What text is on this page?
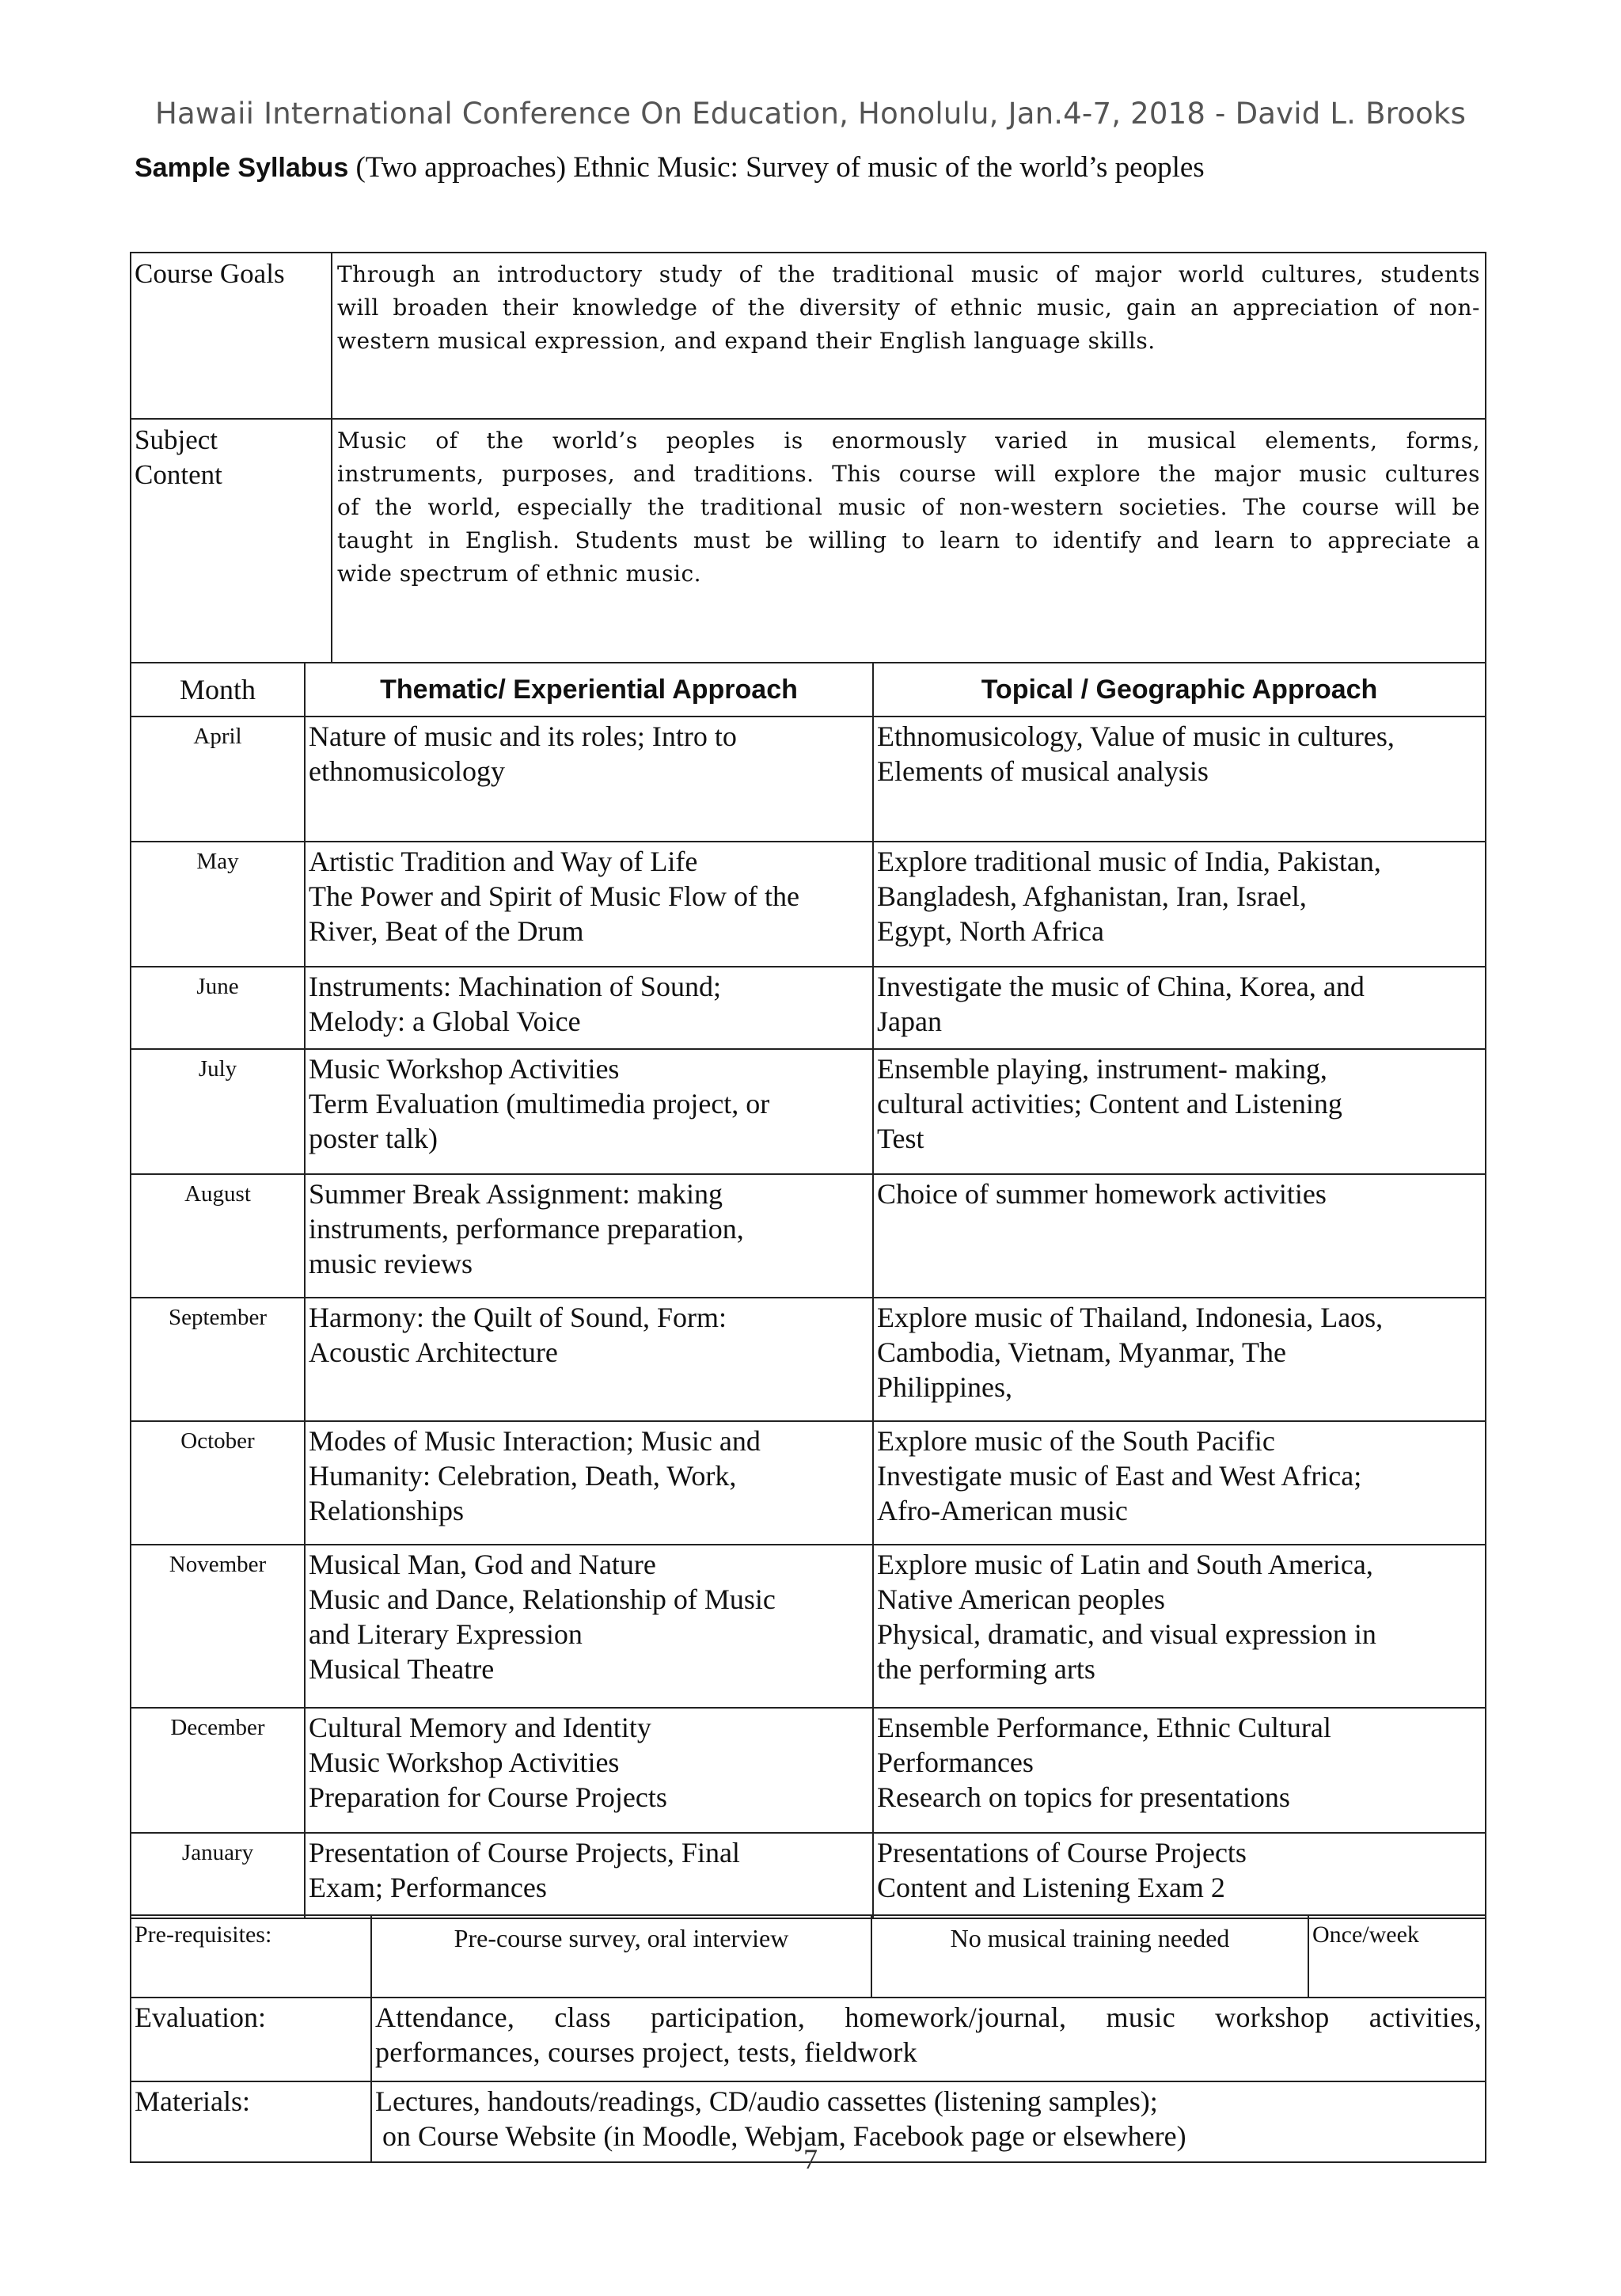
Hawaii International Conference On Education, Honolulu, Jan.4-7, 2018 - David L. Brooks
Sample Syllabus (Two approaches) Ethnic Music: Survey of music of the world’s peoples
Course Goals	Through an introductory study of the traditional music of major world cultures, students
will broaden their knowledge of the diversity of ethnic music, gain an appreciation of non-
western musical expression, and expand their English language skills.

Subject
Content	Music of the world’s peoples is enormously varied in musical elements, forms,
instruments, purposes, and traditions. This course will explore the major music cultures
of the world, especially the traditional music of non-western societies. The course will be
taught in English. Students must be willing to learn to identify and learn to appreciate a
wide spectrum of ethnic music.
Month	Thematic/ Experiential Approach	Topical / Geographic Approach
April	Nature of music and its roles; Intro to
ethnomusicology	Ethnomusicology, Value of music in cultures,
Elements of musical analysis

May	Artistic Tradition and Way of Life
The Power and Spirit of Music Flow of the
River, Beat of the Drum	Explore traditional music of India, Pakistan,
Bangladesh, Afghanistan, Iran, Israel,
Egypt, North Africa

June	Instruments: Machination of Sound;
Melody: a Global Voice	Investigate the music of China, Korea, and
Japan

July	Music Workshop Activities
Term Evaluation (multimedia project, or
poster talk)	Ensemble playing, instrument- making,
cultural activities; Content and Listening
Test

August	Summer Break Assignment: making
instruments, performance preparation,
music reviews	Choice of summer homework activities

September	Harmony: the Quilt of Sound, Form:
Acoustic Architecture	Explore music of Thailand, Indonesia, Laos,
Cambodia, Vietnam, Myanmar, The
Philippines,

October	Modes of Music Interaction; Music and
Humanity: Celebration, Death, Work,
Relationships	Explore music of the South Pacific
Investigate music of East and West Africa;
Afro-American music

November	Musical Man, God and Nature
Music and Dance, Relationship of Music
and Literary Expression
Musical Theatre	Explore music of Latin and South America,
Native American peoples
Physical, dramatic, and visual expression in
the performing arts

December	Cultural Memory and Identity
Music Workshop Activities
Preparation for Course Projects	Ensemble Performance, Ethnic Cultural
Performances
Research on topics for presentations

January	Presentation of Course Projects, Final
Exam; Performances	Presentations of Course Projects
Content and Listening Exam 2
Pre-requisites:	Pre-course survey, oral interview	No musical training needed	Once/week
Evaluation:	Attendance, class participation, homework/journal, music workshop activities,
performances, courses project, tests, fieldwork		

Materials:	Lectures, handouts/readings, CD/audio cassettes (listening samples);
on Course Website (in Moodle, Webjam, Facebook page or elsewhere)		
7
